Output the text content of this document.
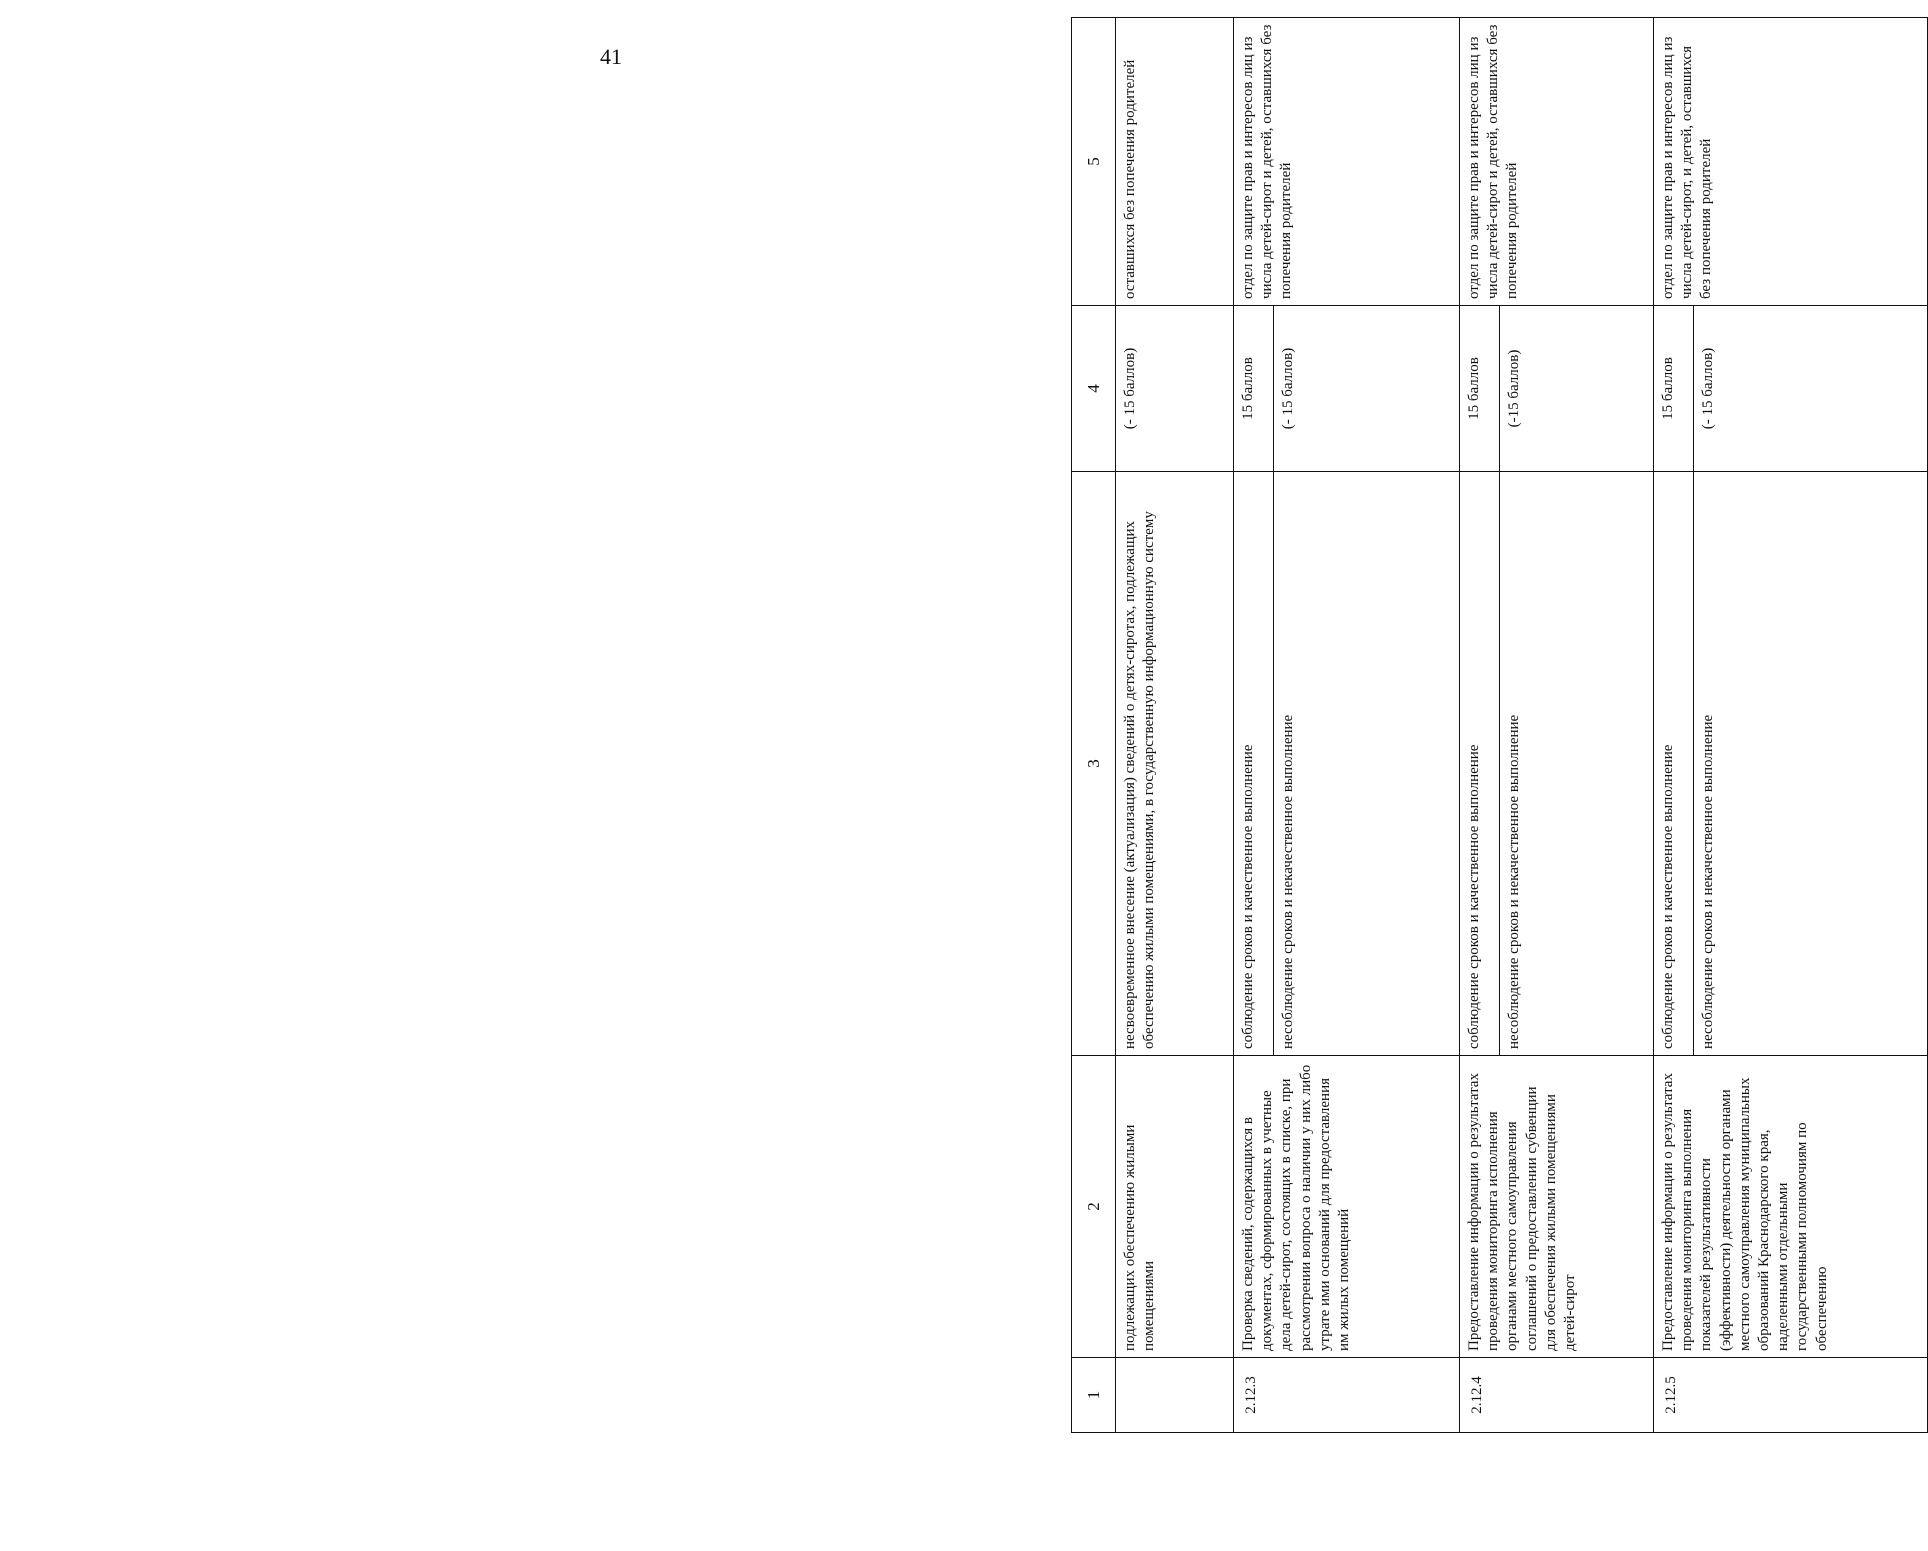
41
1	2	3	4	5
	подлежащих обеспечению жилыми помещениями	несвоевременное внесение (актуализация) сведений о детях-сиротах, подлежащих обеспечению жилыми помещениями, в государственную информационную систему	(- 15 баллов)	оставшихся без попечения родителей
2.12.3	Проверка сведений, содержащихся в документах, сформированных в учетные дела детей-сирот, состоящих в списке, при рассмотрении вопроса о наличии у них либо утрате ими оснований для предоставления им жилых помещений	соблюдение сроков и качественное выполнение	15 баллов	отдел по защите прав и интересов лиц из числа детей-сирот и детей, оставшихся без попечения родителей
		несоблюдение сроков и некачественное выполнение	(- 15 баллов)	
2.12.4	Предоставление информации о результатах проведения мониторинга исполнения органами местного самоуправления соглашений о предоставлении субвенции для обеспечения жилыми помещениями детей-сирот	соблюдение сроков и качественное выполнение	15 баллов	отдел по защите прав и интересов лиц из числа детей-сирот и детей, оставшихся без попечения родителей
		несоблюдение сроков и некачественное выполнение	(-15 баллов)	
2.12.5	Предоставление информации о результатах проведения мониторинга выполнения показателей результативности (эффективности) деятельности органами местного самоуправления муниципальных образований Краснодарского края, наделенными отдельными государственными полномочиям по обеспечению	соблюдение сроков и качественное выполнение	15 баллов	отдел по защите прав и интересов лиц из числа детей-сирот, и детей, оставшихся без попечения родителей
		несоблюдение сроков и некачественное выполнение	(- 15 баллов)	
